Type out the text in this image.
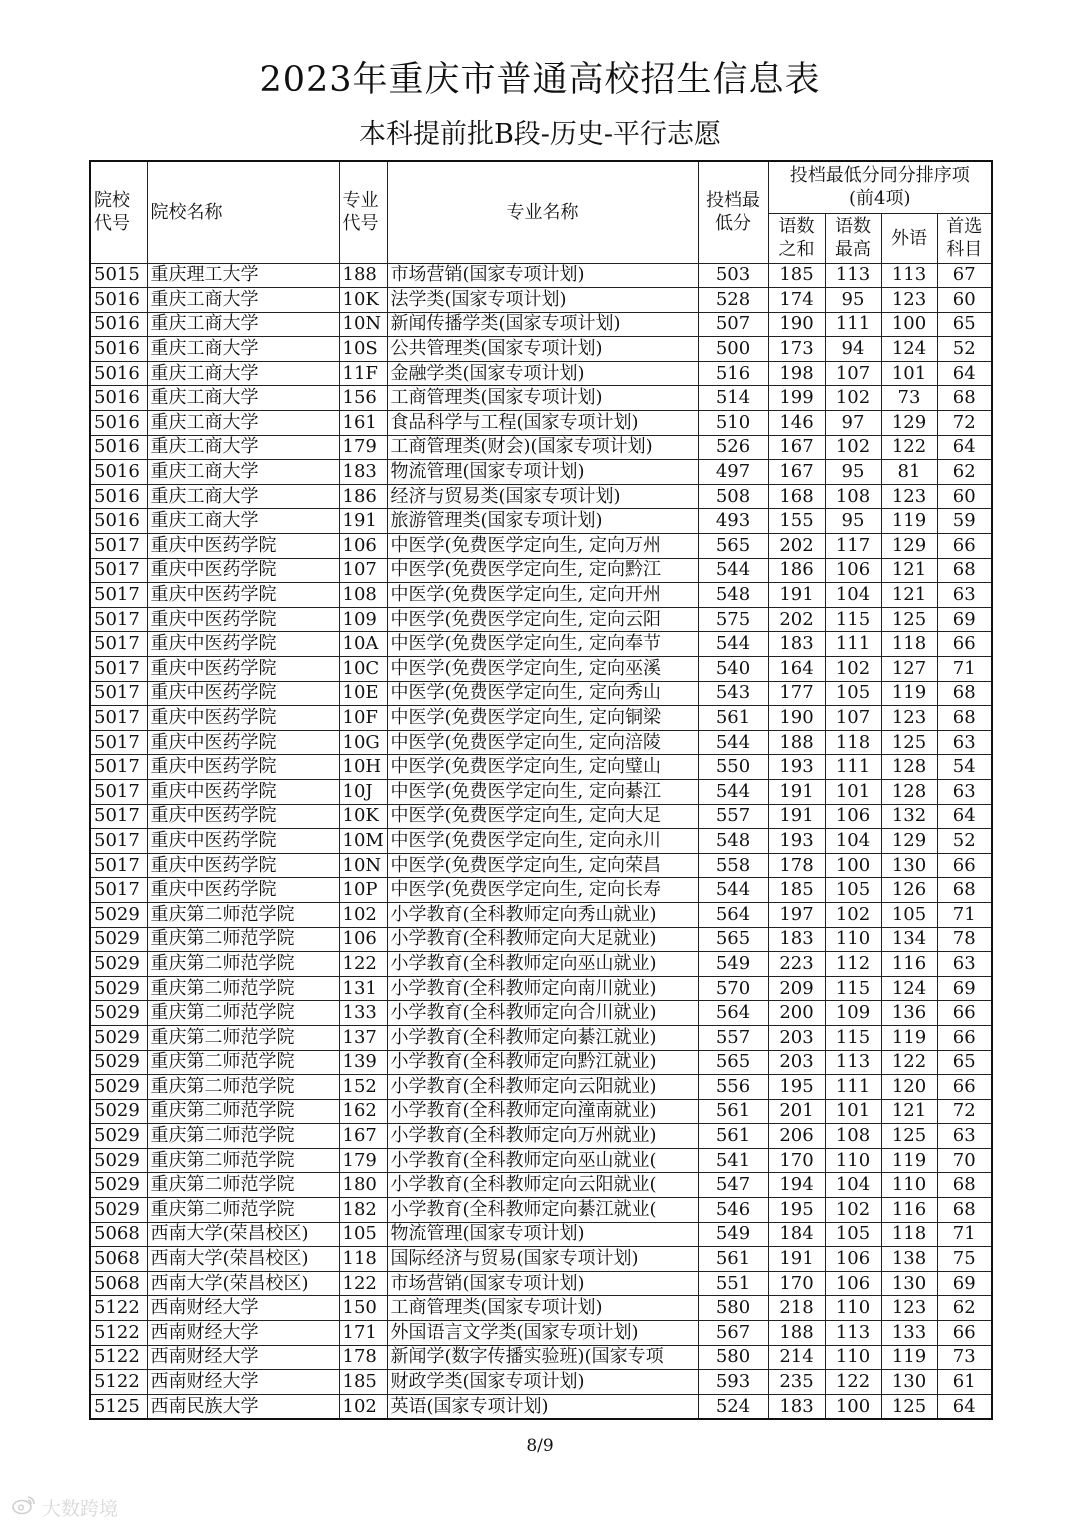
2023年重庆市普通高校招生信息表
本科提前批B段-历史-平行志愿
院校代号	院校名称	专业代号	专业名称	投档最低分	投档最低分同分排序项(前4项)			
					语数之和	语数最高	外语	首选科目
5015	重庆理工大学	188	市场营销(国家专项计划)	503	185	113	113	67
5016	重庆工商大学	10K	法学类(国家专项计划)	528	174	95	123	60
5016	重庆工商大学	10N	新闻传播学类(国家专项计划)	507	190	111	100	65
5016	重庆工商大学	10S	公共管理类(国家专项计划)	500	173	94	124	52
5016	重庆工商大学	11F	金融学类(国家专项计划)	516	198	107	101	64
5016	重庆工商大学	156	工商管理类(国家专项计划)	514	199	102	73	68
5016	重庆工商大学	161	食品科学与工程(国家专项计划)	510	146	97	129	72
5016	重庆工商大学	179	工商管理类(财会)(国家专项计划)	526	167	102	122	64
5016	重庆工商大学	183	物流管理(国家专项计划)	497	167	95	81	62
5016	重庆工商大学	186	经济与贸易类(国家专项计划)	508	168	108	123	60
5016	重庆工商大学	191	旅游管理类(国家专项计划)	493	155	95	119	59
5017	重庆中医药学院	106	中医学(免费医学定向生, 定向万州	565	202	117	129	66
5017	重庆中医药学院	107	中医学(免费医学定向生, 定向黔江	544	186	106	121	68
5017	重庆中医药学院	108	中医学(免费医学定向生, 定向开州	548	191	104	121	63
5017	重庆中医药学院	109	中医学(免费医学定向生, 定向云阳	575	202	115	125	69
5017	重庆中医药学院	10A	中医学(免费医学定向生, 定向奉节	544	183	111	118	66
5017	重庆中医药学院	10C	中医学(免费医学定向生, 定向巫溪	540	164	102	127	71
5017	重庆中医药学院	10E	中医学(免费医学定向生, 定向秀山	543	177	105	119	68
5017	重庆中医药学院	10F	中医学(免费医学定向生, 定向铜梁	561	190	107	123	68
5017	重庆中医药学院	10G	中医学(免费医学定向生, 定向涪陵	544	188	118	125	63
5017	重庆中医药学院	10H	中医学(免费医学定向生, 定向璧山	550	193	111	128	54
5017	重庆中医药学院	10J	中医学(免费医学定向生, 定向綦江	544	191	101	128	63
5017	重庆中医药学院	10K	中医学(免费医学定向生, 定向大足	557	191	106	132	64
5017	重庆中医药学院	10M	中医学(免费医学定向生, 定向永川	548	193	104	129	52
5017	重庆中医药学院	10N	中医学(免费医学定向生, 定向荣昌	558	178	100	130	66
5017	重庆中医药学院	10P	中医学(免费医学定向生, 定向长寿	544	185	105	126	68
5029	重庆第二师范学院	102	小学教育(全科教师定向秀山就业)	564	197	102	105	71
5029	重庆第二师范学院	106	小学教育(全科教师定向大足就业)	565	183	110	134	78
5029	重庆第二师范学院	122	小学教育(全科教师定向巫山就业)	549	223	112	116	63
5029	重庆第二师范学院	131	小学教育(全科教师定向南川就业)	570	209	115	124	69
5029	重庆第二师范学院	133	小学教育(全科教师定向合川就业)	564	200	109	136	66
5029	重庆第二师范学院	137	小学教育(全科教师定向綦江就业)	557	203	115	119	66
5029	重庆第二师范学院	139	小学教育(全科教师定向黔江就业)	565	203	113	122	65
5029	重庆第二师范学院	152	小学教育(全科教师定向云阳就业)	556	195	111	120	66
5029	重庆第二师范学院	162	小学教育(全科教师定向潼南就业)	561	201	101	121	72
5029	重庆第二师范学院	167	小学教育(全科教师定向万州就业)	561	206	108	125	63
5029	重庆第二师范学院	179	小学教育(全科教师定向巫山就业(	541	170	110	119	70
5029	重庆第二师范学院	180	小学教育(全科教师定向云阳就业(	547	194	104	110	68
5029	重庆第二师范学院	182	小学教育(全科教师定向綦江就业(	546	195	102	116	68
5068	西南大学(荣昌校区)	105	物流管理(国家专项计划)	549	184	105	118	71
5068	西南大学(荣昌校区)	118	国际经济与贸易(国家专项计划)	561	191	106	138	75
5068	西南大学(荣昌校区)	122	市场营销(国家专项计划)	551	170	106	130	69
5122	西南财经大学	150	工商管理类(国家专项计划)	580	218	110	123	62
5122	西南财经大学	171	外国语言文学类(国家专项计划)	567	188	113	133	66
5122	西南财经大学	178	新闻学(数字传播实验班)(国家专项	580	214	110	119	73
5122	西南财经大学	185	财政学类(国家专项计划)	593	235	122	130	61
5125	西南民族大学	102	英语(国家专项计划)	524	183	100	125	64
8/9
大数跨境
